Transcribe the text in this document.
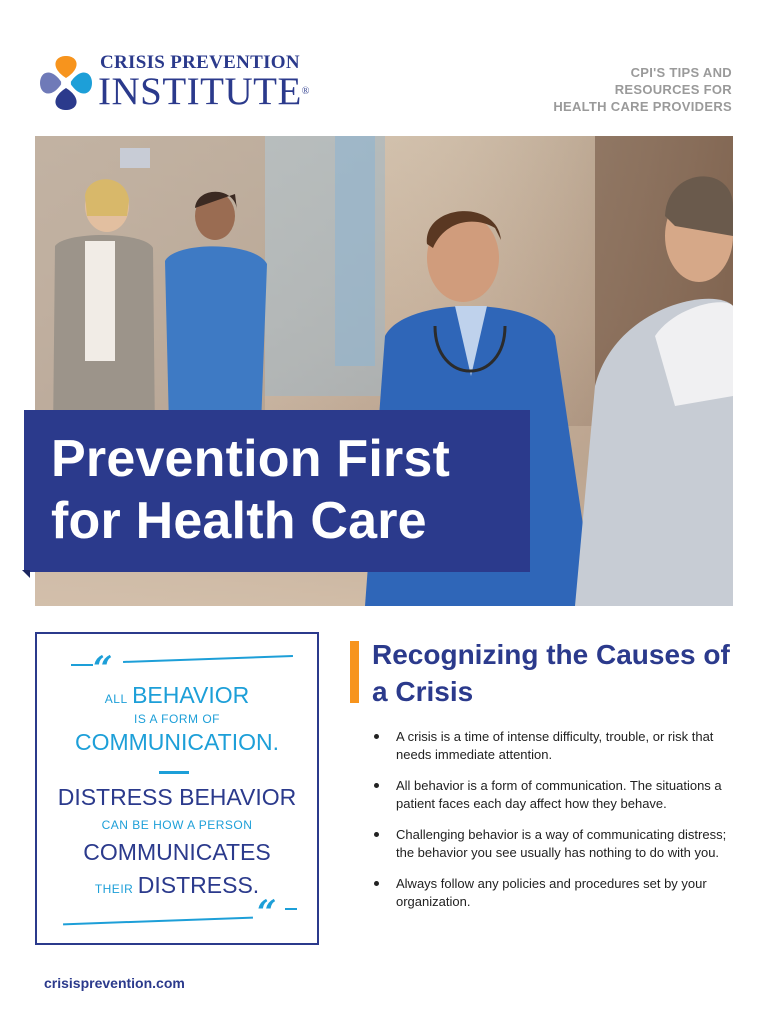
CRISIS PREVENTION
INSTITUTE®
CPI'S TIPS AND
RESOURCES FOR
HEALTH CARE PROVIDERS
Prevention First
for Health Care
“
ALL BEHAVIOR
IS A FORM OF
COMMUNICATION.
DISTRESS BEHAVIOR
CAN BE HOW A PERSON
COMMUNICATES
THEIR DISTRESS.
“
Recognizing the Causes of a Crisis
A crisis is a time of intense difficulty, trouble, or risk that needs immediate attention.
All behavior is a form of communication. The situations a patient faces each day affect how they behave.
Challenging behavior is a way of communicating distress; the behavior you see usually has nothing to do with you.
Always follow any policies and procedures set by your organization.
crisisprevention.com
